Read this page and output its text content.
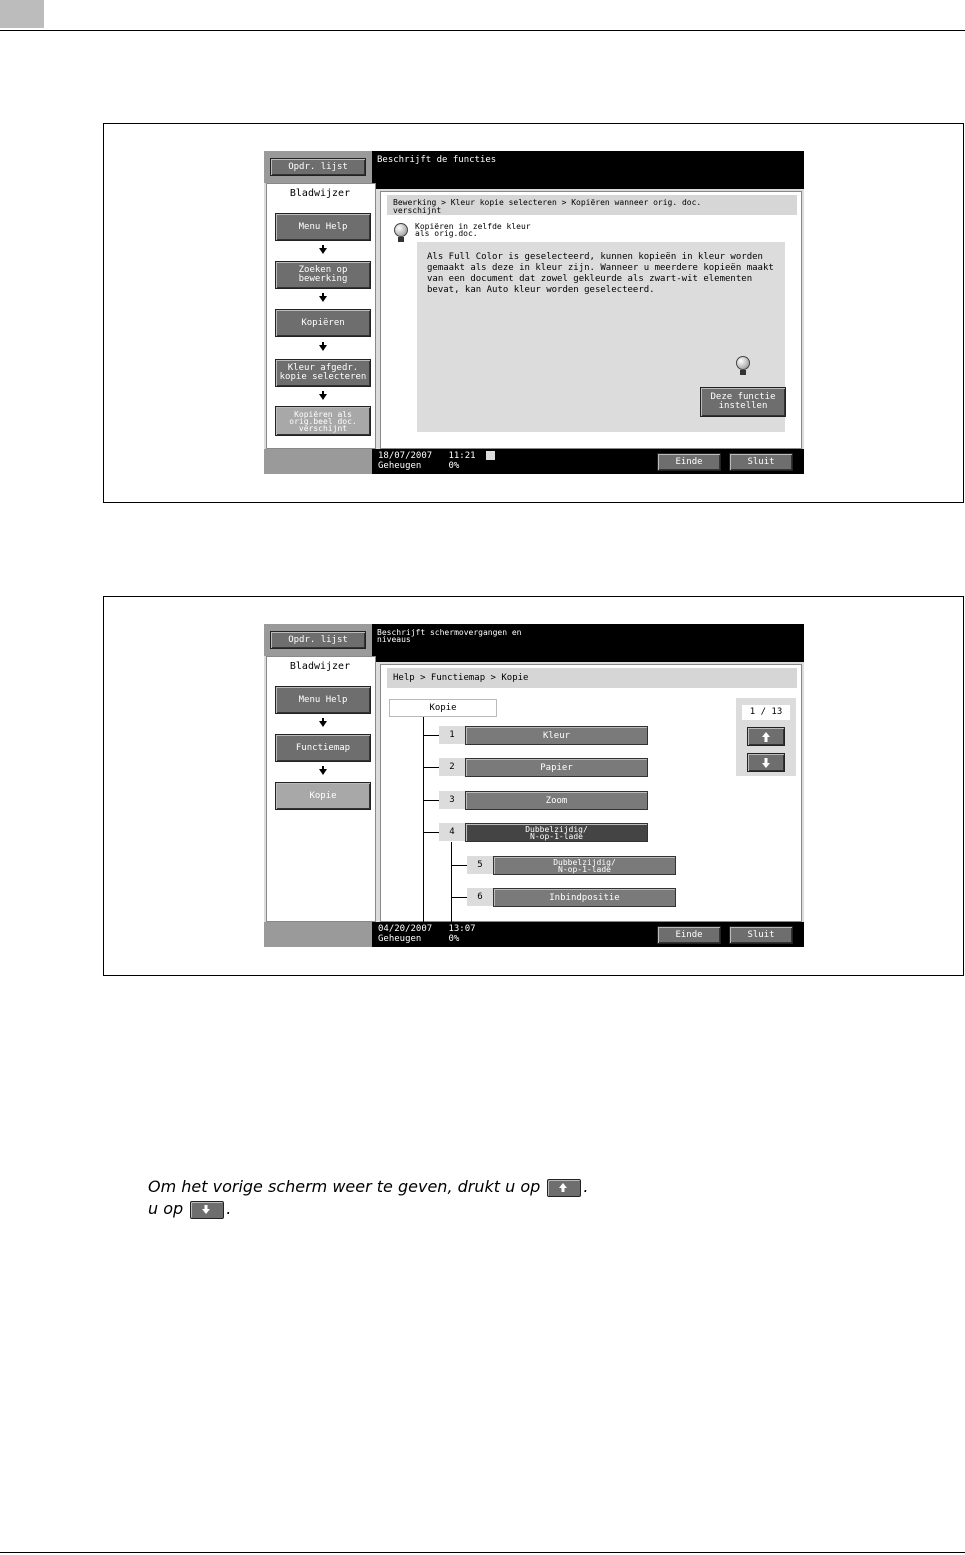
Opdr. lijst
Beschrijft de functies
Bladwijzer
Menu Help
Zoeken op
bewerking
Kopiëren
Kleur afgedr.
kopie selecteren
Kopiëren als
orig.beel doc.
verschijnt
Bewerking > Kleur kopie selecteren > Kopiëren wanneer orig. doc.
verschijnt
Kopiëren in zelfde kleur
als orig.doc.
Als Full Color is geselecteerd, kunnen kopieën in kleur worden gemaakt als deze in kleur zijn. Wanneer u meerdere kopieën maakt van een document dat zowel gekleurde als zwart-wit elementen bevat, kan Auto kleur worden geselecteerd.
Deze functie
instellen
18/07/2007 11:21
Geheugen	0%	Einde	Sluit
Opdr. lijst
Beschrijft schermovergangen en
niveaus
Bladwijzer
Menu Help
Functiemap
Kopie
Help > Functiemap > Kopie
Kopie
1	Kleur
2	Papier
3	Zoom
4	Dubbelzijdig/
N-op-1-lade
5	Dubbelzijdig/
N-op-1-lade
6	Inbindpositie
1 / 13
04/20/2007 13:07
Geheugen	0%	Einde	Sluit
Om het vorige scherm weer te geven, drukt u op	.
u op	.
